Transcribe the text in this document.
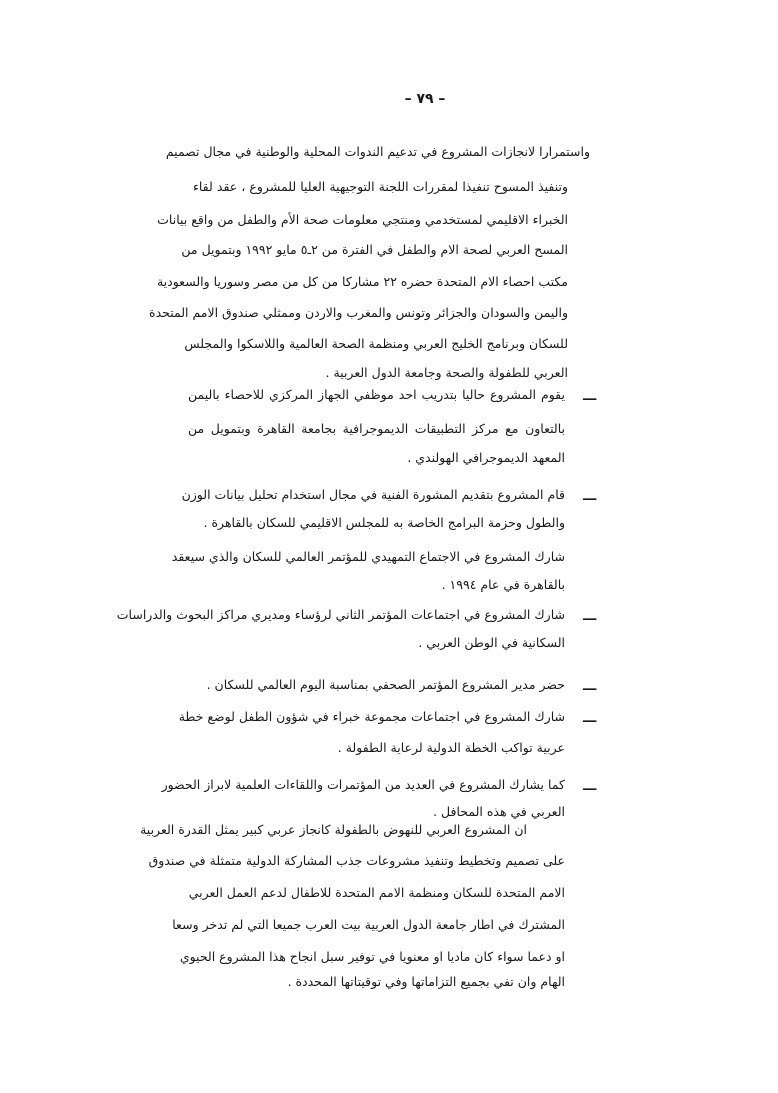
– ٧٩ –
واستمرارا لانجازات المشروع في تدعيم الندوات المحلية والوطنية في مجال تصميم
وتنفيذ المسوح تنفيذا لمقررات اللجنة التوجيهية العليا للمشروع ، عقد لقاء
الخبراء الاقليمي لمستخدمي ومنتجي معلومات صحة الأم والطفل من واقع بيانات
المسح العربي لصحة الام والطفل في الفترة من ٢ـ٥ مايو ١٩٩٢ وبتمويل من
مكتب احصاء الام المتحدة حضره ٢٢ مشاركا من كل من مصر وسوريا والسعودية
واليمن والسودان والجزائر وتونس والمغرب والاردن وممثلي صندوق الامم المتحدة
للسكان وبرنامج الخليج العربي ومنظمة الصحة العالمية واللاسكوا والمجلس
العربي للطفولة والصحة وجامعة الدول العربية .
ـــ
يقوم المشروع حاليا بتدريب احد موظفي الجهاز المركزي للاحصاء باليمن
بالتعاون مع مركز التطبيقات الديموجرافية بجامعة القاهرة وبتمويل من
المعهد الديموجرافي الهولندي .
ـــ
قام المشروع بتقديم المشورة الفنية في مجال استخدام تحليل بيانات الوزن
والطول وحزمة البرامج الخاصة به للمجلس الاقليمي للسكان بالقاهرة .
شارك المشروع في الاجتماع التمهيدي للمؤتمر العالمي للسكان والذي سيعقد
بالقاهرة في عام ١٩٩٤ .
ـــ
شارك المشروع في اجتماعات المؤتمر الثاني لرؤساء ومديري مراكز البحوث والدراسات
السكانية في الوطن العربي .
ـــ
حضر مدير المشروع المؤتمر الصحفي بمناسبة اليوم العالمي للسكان .
ـــ
شارك المشروع في اجتماعات مجموعة خبراء في شؤون الطفل لوضع خطة
عربية تواكب الخطة الدولية لرعاية الطفولة .
ـــ
كما يشارك المشروع في العديد من المؤتمرات واللقاءات العلمية لابراز الحضور
العربي في هذه المحافل .
ان المشروع العربي للنهوض بالطفولة كانجاز عربي كبير يمثل القدرة العربية
على تصميم وتخطيط وتنفيذ مشروعات جذب المشاركة الدولية متمثلة في صندوق
الامم المتحدة للسكان ومنظمة الامم المتحدة للاطفال لدعم العمل العربي
المشترك في اطار جامعة الدول العربية بيت العرب جميعا التي لم تدخر وسعا
او دعما سواء كان ماديا او معنويا في توفير سبل انجاح هذا المشروع الحيوي
الهام وان تفي بجميع التزاماتها وفي توقيتاتها المحددة .
